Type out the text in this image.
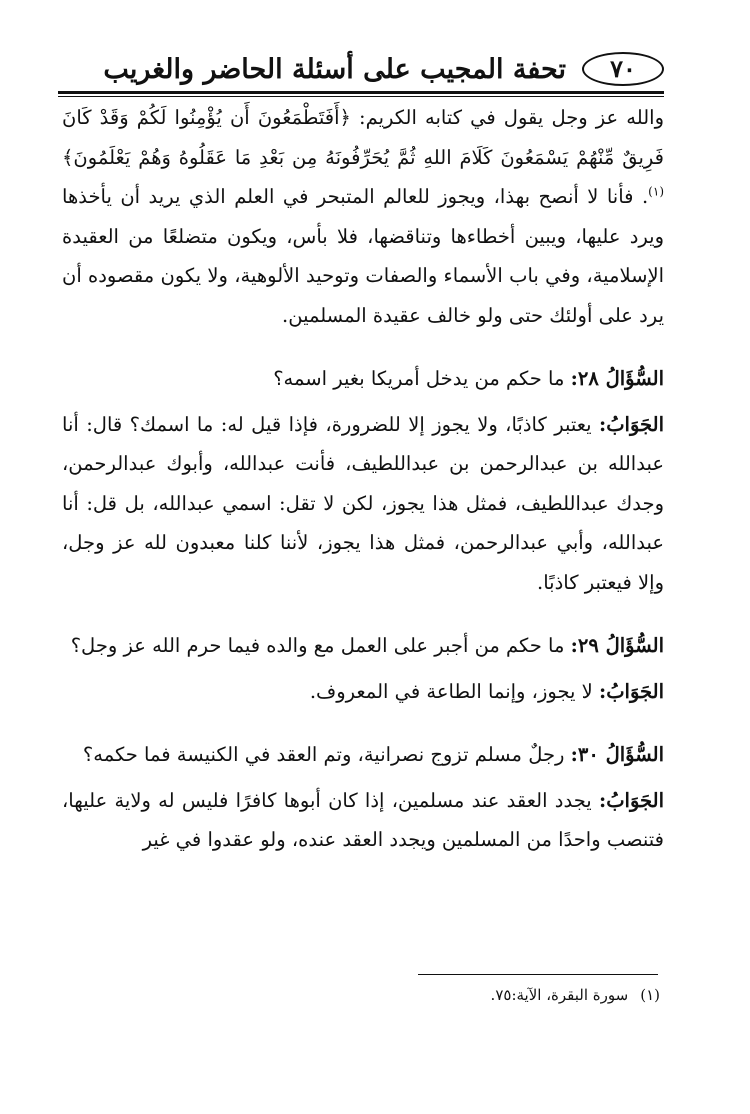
٧٠
تحفة المجيب على أسئلة الحاضر والغريب

والله عز وجل يقول في كتابه الكريم: ﴿أَفَتَطْمَعُونَ أَن يُؤْمِنُوا لَكُمْ وَقَدْ كَانَ فَرِيقٌ مِّنْهُمْ يَسْمَعُونَ كَلَامَ اللهِ ثُمَّ يُحَرِّفُونَهُ مِن بَعْدِ مَا عَقَلُوهُ وَهُمْ يَعْلَمُونَ﴾$^{(١)}$. فأنا لا أنصح بهذا، ويجوز للعالم المتبحر في العلم الذي يريد أن يأخذها ويرد عليها، ويبين أخطاءها وتناقضها، فلا بأس، ويكون متضلعًا من العقيدة الإسلامية، وفي باب الأسماء والصفات وتوحيد الألوهية، ولا يكون مقصوده أن يرد على أولئك حتى ولو خالف عقيدة المسلمين.

السُّؤَالُ ٢٨: ما حكم من يدخل أمريكا بغير اسمه؟

الجَوَابُ: يعتبر كاذبًا، ولا يجوز إلا للضرورة، فإذا قيل له: ما اسمك؟ قال: أنا عبدالله بن عبدالرحمن بن عبداللطيف، فأنت عبدالله، وأبوك عبدالرحمن، وجدك عبداللطيف، فمثل هذا يجوز، لكن لا تقل: اسمي عبدالله، بل قل: أنا عبدالله، وأبي عبدالرحمن، فمثل هذا يجوز، لأننا كلنا معبدون لله عز وجل، وإلا فيعتبر كاذبًا.

السُّؤَالُ ٢٩: ما حكم من أجبر على العمل مع والده فيما حرم الله عز وجل؟

الجَوَابُ: لا يجوز، وإنما الطاعة في المعروف.

السُّؤَالُ ٣٠: رجلٌ مسلم تزوج نصرانية، وتم العقد في الكنيسة فما حكمه؟

الجَوَابُ: يجدد العقد عند مسلمين، إذا كان أبوها كافرًا فليس له ولاية عليها، فتنصب واحدًا من المسلمين ويجدد العقد عنده، ولو عقدوا في غير

(١)سورة البقرة، الآية:٧٥.
